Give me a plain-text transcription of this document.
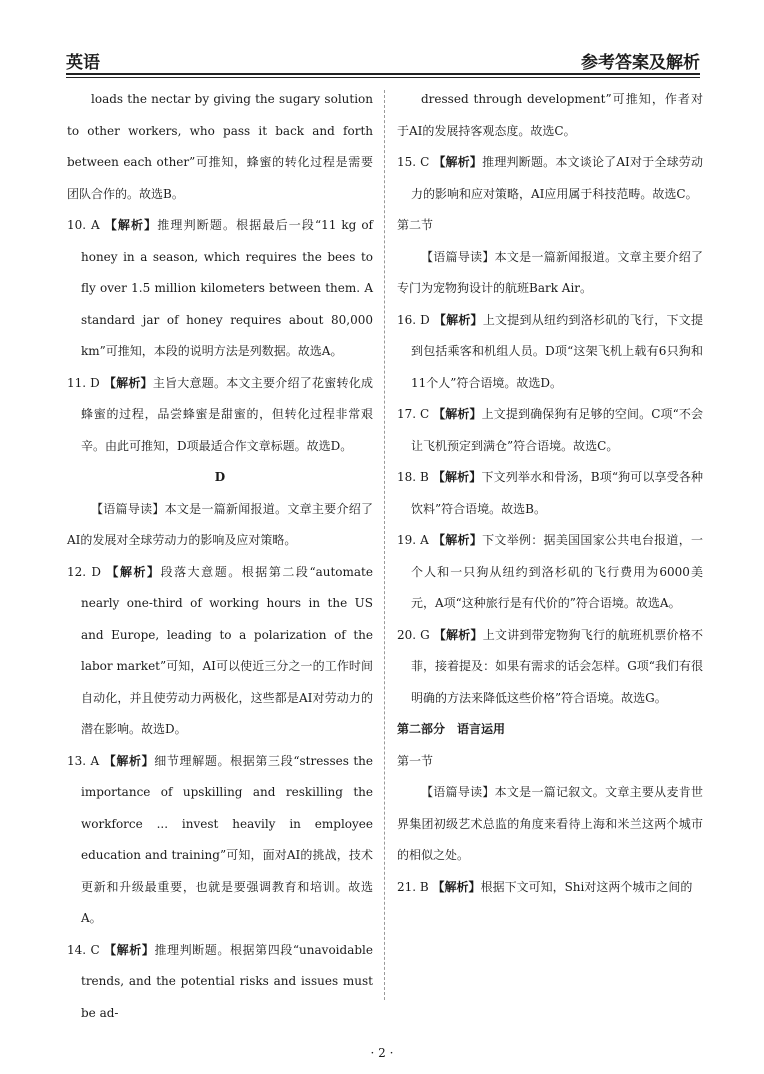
英语	参考答案及解析

loads the nectar by giving the sugary solution to other workers, who pass it back and forth between each other”可推知，蜂蜜的转化过程是需要团队合作的。故选B。

10. A 【解析】推理判断题。根据最后一段“11 kg of honey in a season, which requires the bees to fly over 1.5 million kilometers between them. A standard jar of honey requires about 80,000 km”可推知，本段的说明方法是列数据。故选A。

11. D 【解析】主旨大意题。本文主要介绍了花蜜转化成蜂蜜的过程，品尝蜂蜜是甜蜜的，但转化过程非常艰辛。由此可推知，D项最适合作文章标题。故选D。

D

【语篇导读】本文是一篇新闻报道。文章主要介绍了AI的发展对全球劳动力的影响及应对策略。

12. D 【解析】段落大意题。根据第二段“automate nearly one-third of working hours in the US and Europe, leading to a polarization of the labor market”可知，AI可以使近三分之一的工作时间自动化，并且使劳动力两极化，这些都是AI对劳动力的潜在影响。故选D。

13. A 【解析】细节理解题。根据第三段“stresses the importance of upskilling and reskilling the workforce ... invest heavily in employee education and training”可知，面对AI的挑战，技术更新和升级最重要，也就是要强调教育和培训。故选A。

14. C 【解析】推理判断题。根据第四段“unavoidable trends, and the potential risks and issues must be ad-

dressed through development”可推知，作者对于AI的发展持客观态度。故选C。

15. C 【解析】推理判断题。本文谈论了AI对于全球劳动力的影响和应对策略，AI应用属于科技范畴。故选C。

第二节

【语篇导读】本文是一篇新闻报道。文章主要介绍了专门为宠物狗设计的航班Bark Air。

16. D 【解析】上文提到从纽约到洛杉矶的飞行，下文提到包括乘客和机组人员。D项“这架飞机上载有6只狗和11个人”符合语境。故选D。

17. C 【解析】上文提到确保狗有足够的空间。C项“不会让飞机预定到满仓”符合语境。故选C。

18. B 【解析】下文列举水和骨汤，B项“狗可以享受各种饮料”符合语境。故选B。

19. A 【解析】下文举例：据美国国家公共电台报道，一个人和一只狗从纽约到洛杉矶的飞行费用为6000美元，A项“这种旅行是有代价的”符合语境。故选A。

20. G 【解析】上文讲到带宠物狗飞行的航班机票价格不菲，接着提及：如果有需求的话会怎样。G项“我们有很明确的方法来降低这些价格”符合语境。故选G。

第二部分　语言运用

第一节

【语篇导读】本文是一篇记叙文。文章主要从麦肯世界集团初级艺术总监的角度来看待上海和米兰这两个城市的相似之处。

21. B 【解析】根据下文可知，Shi对这两个城市之间的

· 2 ·
